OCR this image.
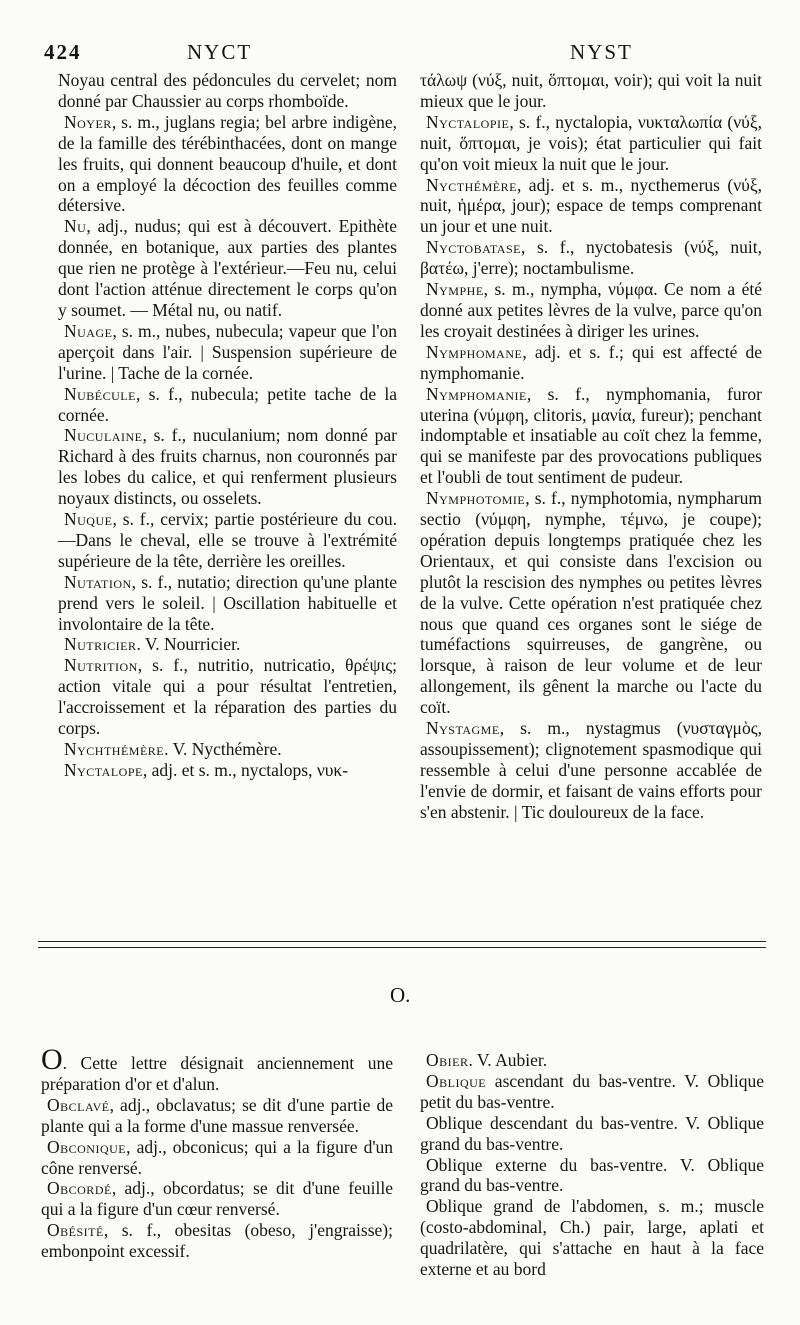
424	NYCT	NYST

Noyau central des pédoncules du cervelet; nom donné par Chaussier au corps rhomboïde.

Noyer, s. m., juglans regia; bel arbre indigène, de la famille des térébinthacées, dont on mange les fruits, qui donnent beaucoup d'huile, et dont on a employé la décoction des feuilles comme détersive.

Nu, adj., nudus; qui est à découvert. Epithète donnée, en botanique, aux parties des plantes que rien ne protège à l'extérieur.—Feu nu, celui dont l'action atténue directement le corps qu'on y soumet. — Métal nu, ou natif.

Nuage, s. m., nubes, nubecula; vapeur que l'on aperçoit dans l'air. | Suspension supérieure de l'urine. | Tache de la cornée.

Nubécule, s. f., nubecula; petite tache de la cornée.

Nuculaine, s. f., nuculanium; nom donné par Richard à des fruits charnus, non couronnés par les lobes du calice, et qui renferment plusieurs noyaux distincts, ou osselets.

Nuque, s. f., cervix; partie postérieure du cou.—Dans le cheval, elle se trouve à l'extrémité supérieure de la tête, derrière les oreilles.

Nutation, s. f., nutatio; direction qu'une plante prend vers le soleil. | Oscillation habituelle et involontaire de la tête.

Nutricier. V. Nourricier.

Nutrition, s. f., nutritio, nutricatio, θρέψις; action vitale qui a pour résultat l'entretien, l'accroissement et la réparation des parties du corps.

Nychthémère. V. Nycthémère.

Nyctalope, adj. et s. m., nyctalops, νυκ-

τάλωψ (νύξ, nuit, ὅπτομαι, voir); qui voit la nuit mieux que le jour.

Nyctalopie, s. f., nyctalopia, νυκταλωπία (νύξ, nuit, ὅπτομαι, je vois); état particulier qui fait qu'on voit mieux la nuit que le jour.

Nycthémère, adj. et s. m., nycthemerus (νύξ, nuit, ἡμέρα, jour); espace de temps comprenant un jour et une nuit.

Nyctobatase, s. f., nyctobatesis (νύξ, nuit, βατέω, j'erre); noctambulisme.

Nymphe, s. m., nympha, νύμφα. Ce nom a été donné aux petites lèvres de la vulve, parce qu'on les croyait destinées à diriger les urines.

Nymphomane, adj. et s. f.; qui est affecté de nymphomanie.

Nymphomanie, s. f., nymphomania, furor uterina (νύμφη, clitoris, μανία, fureur); penchant indomptable et insatiable au coït chez la femme, qui se manifeste par des provocations publiques et l'oubli de tout sentiment de pudeur.

Nymphotomie, s. f., nymphotomia, nympharum sectio (νύμφη, nymphe, τέμνω, je coupe); opération depuis longtemps pratiquée chez les Orientaux, et qui consiste dans l'excision ou plutôt la rescision des nymphes ou petites lèvres de la vulve. Cette opération n'est pratiquée chez nous que quand ces organes sont le siége de tuméfactions squirreuses, de gangrène, ou lorsque, à raison de leur volume et de leur allongement, ils gênent la marche ou l'acte du coït.

Nystagme, s. m., nystagmus (νυσταγμὸς, assoupissement); clignotement spasmodique qui ressemble à celui d'une personne accablée de l'envie de dormir, et faisant de vains efforts pour s'en abstenir. | Tic douloureux de la face.

O.

O. Cette lettre désignait anciennement une préparation d'or et d'alun.

Obclavé, adj., obclavatus; se dit d'une partie de plante qui a la forme d'une massue renversée.

Obconique, adj., obconicus; qui a la figure d'un cône renversé.

Obcordé, adj., obcordatus; se dit d'une feuille qui a la figure d'un cœur renversé.

Obésité, s. f., obesitas (obeso, j'engraisse); embonpoint excessif.

Obier. V. Aubier.

Oblique ascendant du bas-ventre. V. Oblique petit du bas-ventre.

Oblique descendant du bas-ventre. V. Oblique grand du bas-ventre.

Oblique externe du bas-ventre. V. Oblique grand du bas-ventre.

Oblique grand de l'abdomen, s. m.; muscle (costo-abdominal, Ch.) pair, large, aplati et quadrilatère, qui s'attache en haut à la face externe et au bord
